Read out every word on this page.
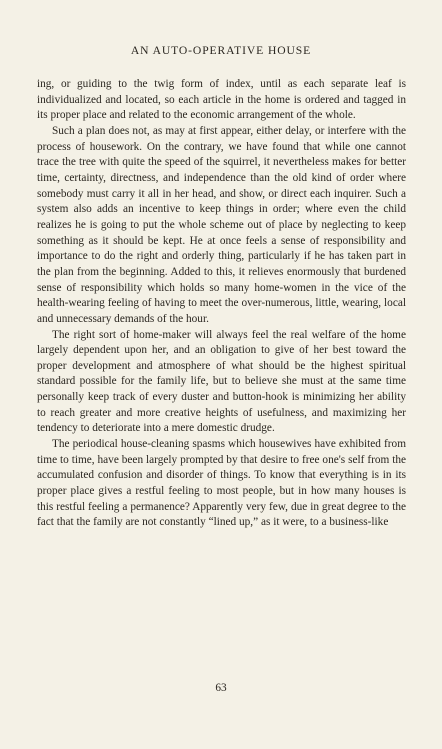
AN AUTO-OPERATIVE HOUSE

ing, or guiding to the twig form of index, until as each separate leaf is individualized and located, so each article in the home is ordered and tagged in its proper place and related to the economic arrangement of the whole.

Such a plan does not, as may at first appear, either delay, or interfere with the process of housework. On the contrary, we have found that while one cannot trace the tree with quite the speed of the squirrel, it nevertheless makes for better time, certainty, directness, and independence than the old kind of order where somebody must carry it all in her head, and show, or direct each inquirer. Such a system also adds an incentive to keep things in order; where even the child realizes he is going to put the whole scheme out of place by neglecting to keep something as it should be kept. He at once feels a sense of responsibility and importance to do the right and orderly thing, particularly if he has taken part in the plan from the beginning. Added to this, it relieves enormously that burdened sense of responsibility which holds so many home-women in the vice of the health-wearing feeling of having to meet the over-numerous, little, wearing, local and unnecessary demands of the hour.

The right sort of home-maker will always feel the real welfare of the home largely dependent upon her, and an obligation to give of her best toward the proper development and atmosphere of what should be the highest spiritual standard possible for the family life, but to believe she must at the same time personally keep track of every duster and button-hook is minimizing her ability to reach greater and more creative heights of usefulness, and maximizing her tendency to deteriorate into a mere domestic drudge.

The periodical house-cleaning spasms which housewives have exhibited from time to time, have been largely prompted by that desire to free one's self from the accumulated confusion and disorder of things. To know that everything is in its proper place gives a restful feeling to most people, but in how many houses is this restful feeling a permanence? Apparently very few, due in great degree to the fact that the family are not constantly “lined up,” as it were, to a business-like

63
